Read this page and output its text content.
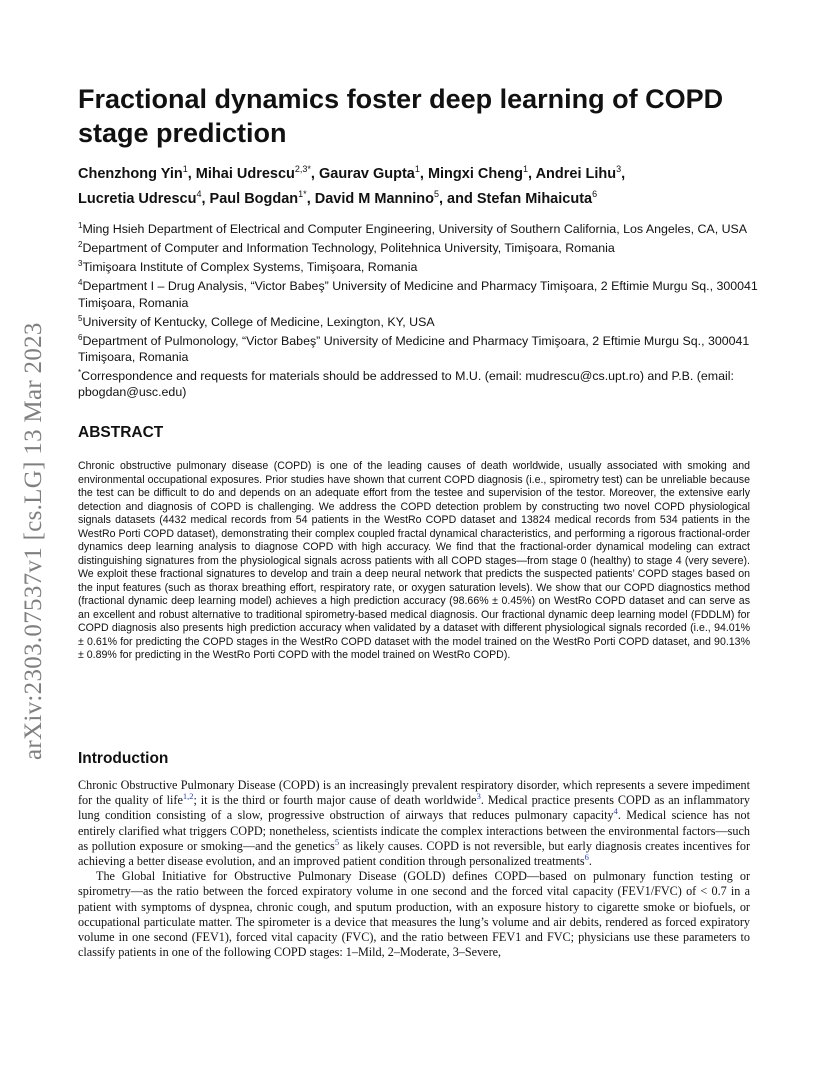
arXiv:2303.07537v1 [cs.LG] 13 Mar 2023
Fractional dynamics foster deep learning of COPD stage prediction
Chenzhong Yin$^1$, Mihai Udrescu$^{2,3*}$, Gaurav Gupta$^1$, Mingxi Cheng$^1$, Andrei Lihu$^3$,
Lucretia Udrescu$^4$, Paul Bogdan$^{1*}$, David M Mannino$^5$, and Stefan Mihaicuta$^6$
$^1$Ming Hsieh Department of Electrical and Computer Engineering, University of Southern California, Los Angeles, CA, USA
$^2$Department of Computer and Information Technology, Politehnica University, Timişoara, Romania
$^3$Timişoara Institute of Complex Systems, Timişoara, Romania
$^4$Department I – Drug Analysis, “Victor Babeş” University of Medicine and Pharmacy Timişoara, 2 Eftimie Murgu Sq., 300041 Timişoara, Romania
$^5$University of Kentucky, College of Medicine, Lexington, KY, USA
$^6$Department of Pulmonology, “Victor Babeş” University of Medicine and Pharmacy Timişoara, 2 Eftimie Murgu Sq., 300041 Timişoara, Romania
*Correspondence and requests for materials should be addressed to M.U. (email: mudrescu@cs.upt.ro) and P.B. (email: pbogdan@usc.edu)
ABSTRACT
Chronic obstructive pulmonary disease (COPD) is one of the leading causes of death worldwide, usually associated with smoking and environmental occupational exposures. Prior studies have shown that current COPD diagnosis (i.e., spirometry test) can be unreliable because the test can be difficult to do and depends on an adequate effort from the testee and supervision of the testor. Moreover, the extensive early detection and diagnosis of COPD is challenging. We address the COPD detection problem by constructing two novel COPD physiological signals datasets (4432 medical records from 54 patients in the WestRo COPD dataset and 13824 medical records from 534 patients in the WestRo Porti COPD dataset), demonstrating their complex coupled fractal dynamical characteristics, and performing a rigorous fractional-order dynamics deep learning analysis to diagnose COPD with high accuracy. We find that the fractional-order dynamical modeling can extract distinguishing signatures from the physiological signals across patients with all COPD stages—from stage 0 (healthy) to stage 4 (very severe). We exploit these fractional signatures to develop and train a deep neural network that predicts the suspected patients’ COPD stages based on the input features (such as thorax breathing effort, respiratory rate, or oxygen saturation levels). We show that our COPD diagnostics method (fractional dynamic deep learning model) achieves a high prediction accuracy (98.66% ± 0.45%) on WestRo COPD dataset and can serve as an excellent and robust alternative to traditional spirometry-based medical diagnosis. Our fractional dynamic deep learning model (FDDLM) for COPD diagnosis also presents high prediction accuracy when validated by a dataset with different physiological signals recorded (i.e., 94.01% ± 0.61% for predicting the COPD stages in the WestRo COPD dataset with the model trained on the WestRo Porti COPD dataset, and 90.13% ± 0.89% for predicting in the WestRo Porti COPD with the model trained on WestRo COPD).
Introduction

Chronic Obstructive Pulmonary Disease (COPD) is an increasingly prevalent respiratory disorder, which represents a severe impediment for the quality of life$^{1,2}$; it is the third or fourth major cause of death worldwide$^3$. Medical practice presents COPD as an inflammatory lung condition consisting of a slow, progressive obstruction of airways that reduces pulmonary capacity$^4$. Medical science has not entirely clarified what triggers COPD; nonetheless, scientists indicate the complex interactions between the environmental factors—such as pollution exposure or smoking—and the genetics$^5$ as likely causes. COPD is not reversible, but early diagnosis creates incentives for achieving a better disease evolution, and an improved patient condition through personalized treatments$^6$.

The Global Initiative for Obstructive Pulmonary Disease (GOLD) defines COPD—based on pulmonary function testing or spirometry—as the ratio between the forced expiratory volume in one second and the forced vital capacity (FEV1/FVC) of < 0.7 in a patient with symptoms of dyspnea, chronic cough, and sputum production, with an exposure history to cigarette smoke or biofuels, or occupational particulate matter. The spirometer is a device that measures the lung’s volume and air debits, rendered as forced expiratory volume in one second (FEV1), forced vital capacity (FVC), and the ratio between FEV1 and FVC; physicians use these parameters to classify patients in one of the following COPD stages: 1–Mild, 2–Moderate, 3–Severe,
